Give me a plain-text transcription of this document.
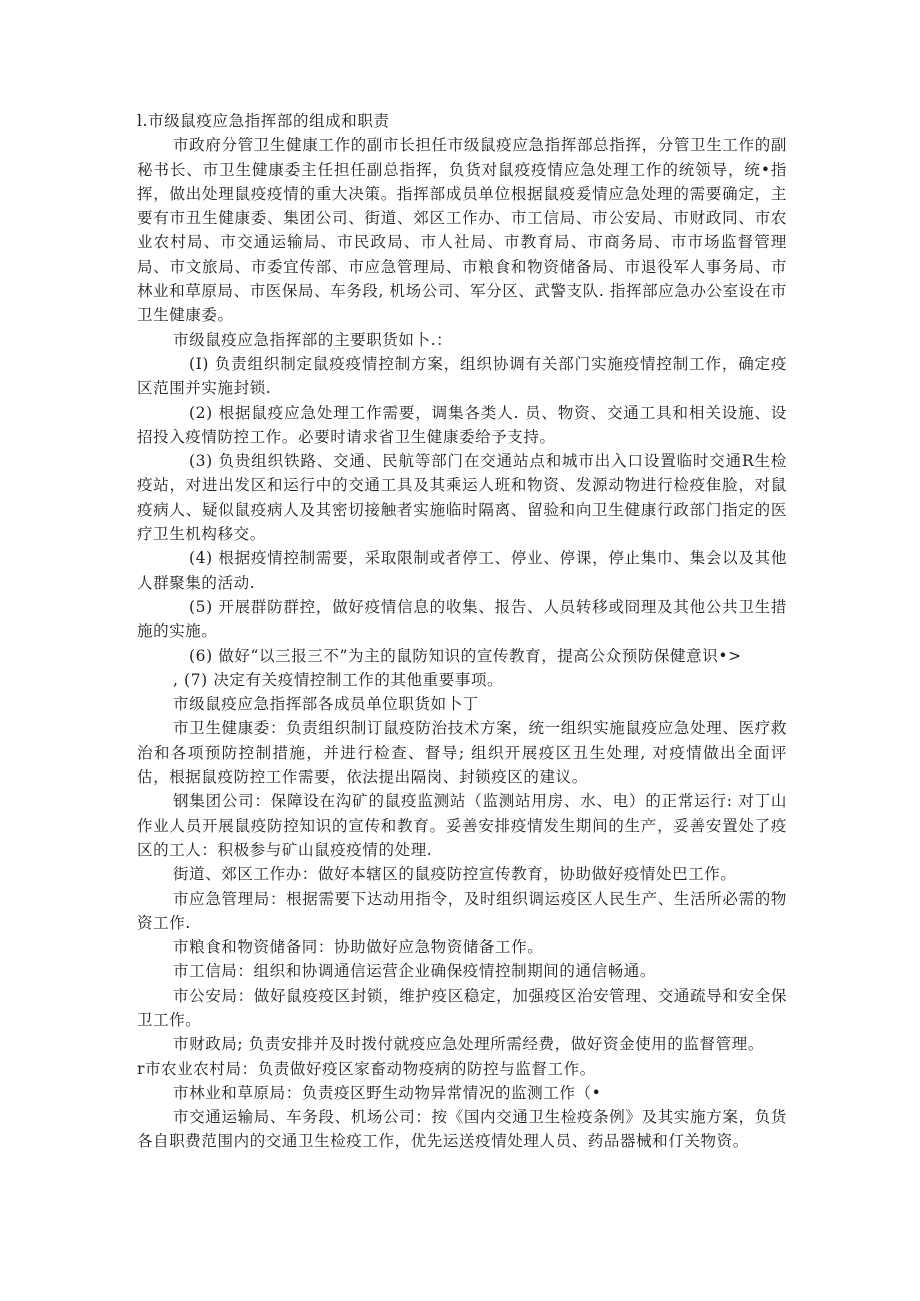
l.市级鼠疫应急指挥部的组成和职责

市政府分管卫生健康工作的副市长担任市级鼠疫应急指挥部总指挥，分管卫生工作的副秘书长、市卫生健康委主任担任副总指挥，负货对鼠疫疫情应急处理工作的统领导，统•指挥，做出处理鼠疫疫情的重大决策。指挥部成员单位根据鼠疫爰情应急处理的需要确定，主要有市丑生健康委、集团公司、街道、郊区工作办、市工信局、市公安局、市财政同、市农业农村局、市交通运输局、市民政局、市人社局、市教育局、市商务局、市市场监督管理局、市文旅局、市委宜传部、市应急管理局、市粮食和物资储备局、市退役军人事务局、市林业和草原局、市医保局、车务段, 机场公司、军分区、武警支队. 指挥部应急办公室设在市卫生健康委。

市级鼠疫应急指挥部的主要职货如卜.：

(I) 负责组织制定鼠疫疫情控制方案，组织协调有关部门实施疫情控制工作，确定疫区范围并实施封锁.

(2) 根据鼠疫应急处理工作需要，调集各类人. 员、物资、交通工具和相关设施、设招投入疫情防控工作。必要时请求省卫生健康委给予支持。

(3) 负贵组织铁路、交通、民航等部门在交通站点和城市出入口设置临时交通R生检疫站，对进出发区和运行中的交通工具及其乘运人班和物资、发源动物进行检疫隹脸，对鼠疫病人、疑似鼠疫病人及其密切接触者实施临时隔离、留验和向卫生健康行政部门指定的医疗卫生机构移交。

(4) 根据疫情控制需要，采取限制或者停工、停业、停课，停止集巾、集会以及其他人群聚集的活动.

(5) 开展群防群控，做好疫情信息的收集、报告、人员转移或冏理及其他公共卫生措施的实施。

(6) 做好“以三报三不”为主的鼠防知识的宣传教育，提高公众预防保健意识•>

, (7) 决定有关疫情控制工作的其他重要事项。

市级鼠疫应急指挥部各成员单位职货如卜丁

市卫生健康委：负责组织制订鼠疫防治技术方案，统一组织实施鼠疫应急处理、医疗救治和各项预防控制措施，并进行检查、督导; 组织开展疫区丑生处理, 对疫情做出全面评估，根据鼠疫防控工作需要，依法提出隔岗、封锁疫区的建议。

钢集团公司：保障设在沟矿的鼠疫监测站（监测站用房、水、电）的正常运行: 对丁山作业人员开展鼠疫防控知识的宣传和教育。妥善安排疫情发生期间的生产，妥善安置处了疫区的工人：积极参与矿山鼠疫疫情的处理.

街道、郊区工作办：做好本辖区的鼠疫防控宣传教育，协助做好疫情处巴工作。

市应急管理局：根据需要下达动用指令，及时组织调运疫区人民生产、生活所必需的物资工作.

市粮食和物资储备同：协助做好应急物资储备工作。

市工信局：组织和协调通信运营企业确保疫情控制期间的通信畅通。

市公安局：做好鼠疫疫区封锁，维护疫区稳定，加强疫区治安管理、交通疏导和安全保卫工作。

市财政局; 负责安排并及时拨付就疫应急处理所需经费，做好资金使用的监督管理。

r市农业农村局：负责做好疫区家畜动物疫病的防控与监督工作。

市林业和草原局：负责疫区野生动物异常情况的监测工作（•

市交通运输局、车务段、机场公司：按《国内交通卫生检疫条例》及其实施方案，负货各自职费范围内的交通卫生检疫工作，优先运送疫情处理人员、药品器械和仃关物资。
